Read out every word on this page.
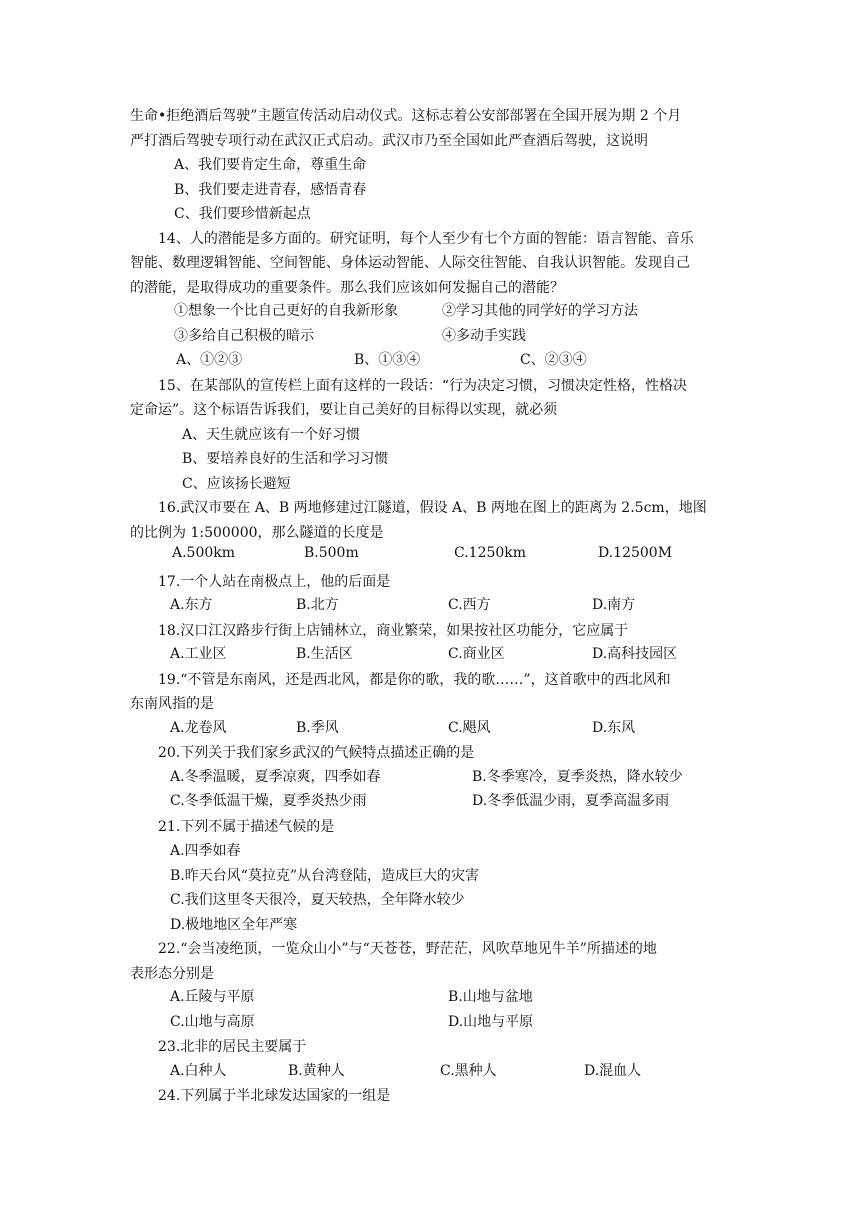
生命•拒绝酒后驾驶”主题宣传活动启动仪式。这标志着公安部部署在全国开展为期 2 个月
严打酒后驾驶专项行动在武汉正式启动。武汉市乃至全国如此严查酒后驾驶，这说明
A、我们要肯定生命，尊重生命
B、我们要走进青春，感悟青春
C、我们要珍惜新起点
14、人的潜能是多方面的。研究证明，每个人至少有七个方面的智能：语言智能、音乐
智能、数理逻辑智能、空间智能、身体运动智能、人际交往智能、自我认识智能。发现自己
的潜能，是取得成功的重要条件。那么我们应该如何发掘自己的潜能？
①想象一个比自己更好的自我新形象	②学习其他的同学好的学习方法
③多给自己积极的暗示	④多动手实践
A、①②③	B、①③④	C、②③④
15、在某部队的宣传栏上面有这样的一段话：“行为决定习惯，习惯决定性格，性格决
定命运”。这个标语告诉我们，要让自己美好的目标得以实现，就必须
A、天生就应该有一个好习惯
B、要培养良好的生活和学习习惯
C、应该扬长避短
16.武汉市要在 A、B 两地修建过江隧道，假设 A、B 两地在图上的距离为 2.5cm，地图
的比例为 1:500000，那么隧道的长度是
A.500km	B.500m	C.1250km	D.12500M
17.一个人站在南极点上，他的后面是
A.东方	B.北方	C.西方	D.南方
18.汉口江汉路步行街上店铺林立，商业繁荣，如果按社区功能分，它应属于
A.工业区	B.生活区	C.商业区	D.高科技园区
19.“不管是东南风，还是西北风，都是你的歌，我的歌……”，这首歌中的西北风和
东南风指的是
A.龙卷风	B.季风	C.飓风	D.东风
20.下列关于我们家乡武汉的气候特点描述正确的是
A.冬季温暖，夏季凉爽，四季如春	B.冬季寒冷，夏季炎热，降水较少
C.冬季低温干燥，夏季炎热少雨	D.冬季低温少雨，夏季高温多雨
21.下列不属于描述气候的是
A.四季如春
B.昨天台风“莫拉克”从台湾登陆，造成巨大的灾害
C.我们这里冬天很冷，夏天较热，全年降水较少
D.极地地区全年严寒
22.“会当凌绝顶，一览众山小”与“天苍苍，野茫茫，风吹草地见牛羊”所描述的地
表形态分别是
A.丘陵与平原	B.山地与盆地
C.山地与高原	D.山地与平原
23.北非的居民主要属于
A.白种人	B.黄种人	C.黑种人	D.混血人
24.下列属于半北球发达国家的一组是
